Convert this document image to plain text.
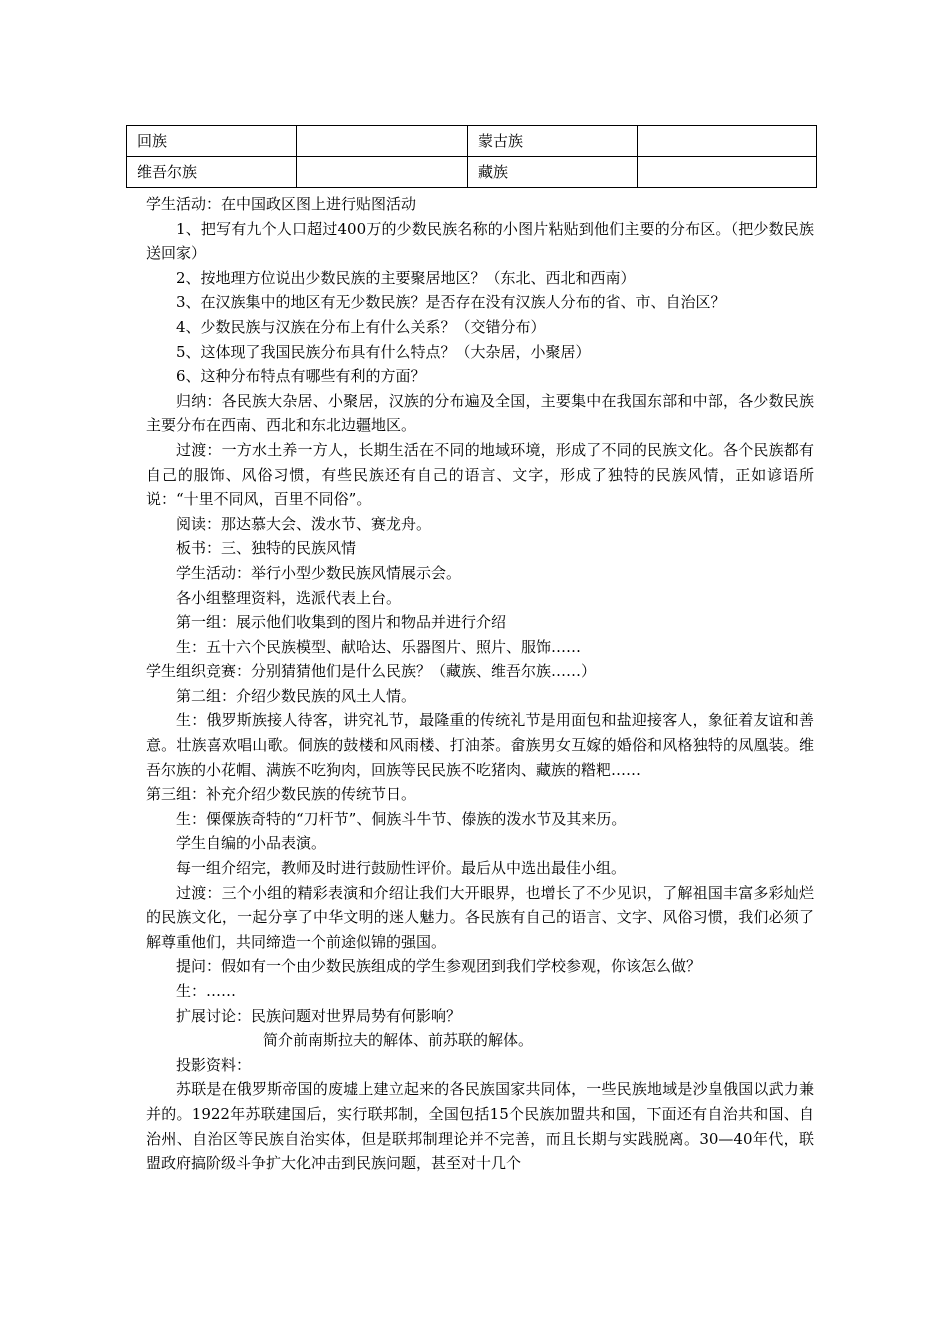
回族		蒙古族	
维吾尔族		藏族	

学生活动：在中国政区图上进行贴图活动

1、把写有九个人口超过400万的少数民族名称的小图片粘贴到他们主要的分布区。（把少数民族送回家）

2、按地理方位说出少数民族的主要聚居地区？（东北、西北和西南）

3、在汉族集中的地区有无少数民族？是否存在没有汉族人分布的省、市、自治区？

4、少数民族与汉族在分布上有什么关系？（交错分布）

5、这体现了我国民族分布具有什么特点？（大杂居，小聚居）

6、这种分布特点有哪些有利的方面？

归纳：各民族大杂居、小聚居，汉族的分布遍及全国，主要集中在我国东部和中部，各少数民族主要分布在西南、西北和东北边疆地区。

过渡：一方水土养一方人，长期生活在不同的地域环境，形成了不同的民族文化。各个民族都有自己的服饰、风俗习惯，有些民族还有自己的语言、文字，形成了独特的民族风情，正如谚语所说：“十里不同风，百里不同俗”。

阅读：那达慕大会、泼水节、赛龙舟。

板书：三、独特的民族风情

学生活动：举行小型少数民族风情展示会。

各小组整理资料，选派代表上台。

第一组：展示他们收集到的图片和物品并进行介绍

生：五十六个民族模型、献哈达、乐器图片、照片、服饰……

学生组织竞赛：分别猜猜他们是什么民族？（藏族、维吾尔族……）

第二组：介绍少数民族的风土人情。

生：俄罗斯族接人待客，讲究礼节，最隆重的传统礼节是用面包和盐迎接客人，象征着友谊和善意。壮族喜欢唱山歌。侗族的鼓楼和风雨楼、打油茶。畲族男女互嫁的婚俗和风格独特的凤凰装。维吾尔族的小花帽、满族不吃狗肉，回族等民民族不吃猪肉、藏族的糌粑……

第三组：补充介绍少数民族的传统节日。

生：傈僳族奇特的“刀杆节”、侗族斗牛节、傣族的泼水节及其来历。

学生自编的小品表演。

每一组介绍完，教师及时进行鼓励性评价。最后从中选出最佳小组。

过渡：三个小组的精彩表演和介绍让我们大开眼界，也增长了不少见识，了解祖国丰富多彩灿烂的民族文化，一起分享了中华文明的迷人魅力。各民族有自己的语言、文字、风俗习惯，我们必须了解尊重他们，共同缔造一个前途似锦的强国。

提问：假如有一个由少数民族组成的学生参观团到我们学校参观，你该怎么做？

生：……

扩展讨论：民族问题对世界局势有何影响？

简介前南斯拉夫的解体、前苏联的解体。

投影资料：

苏联是在俄罗斯帝国的废墟上建立起来的各民族国家共同体，一些民族地域是沙皇俄国以武力兼并的。1922年苏联建国后，实行联邦制，全国包括15个民族加盟共和国，下面还有自治共和国、自治州、自治区等民族自治实体，但是联邦制理论并不完善，而且长期与实践脱离。30—40年代，联盟政府搞阶级斗争扩大化冲击到民族问题，甚至对十几个
